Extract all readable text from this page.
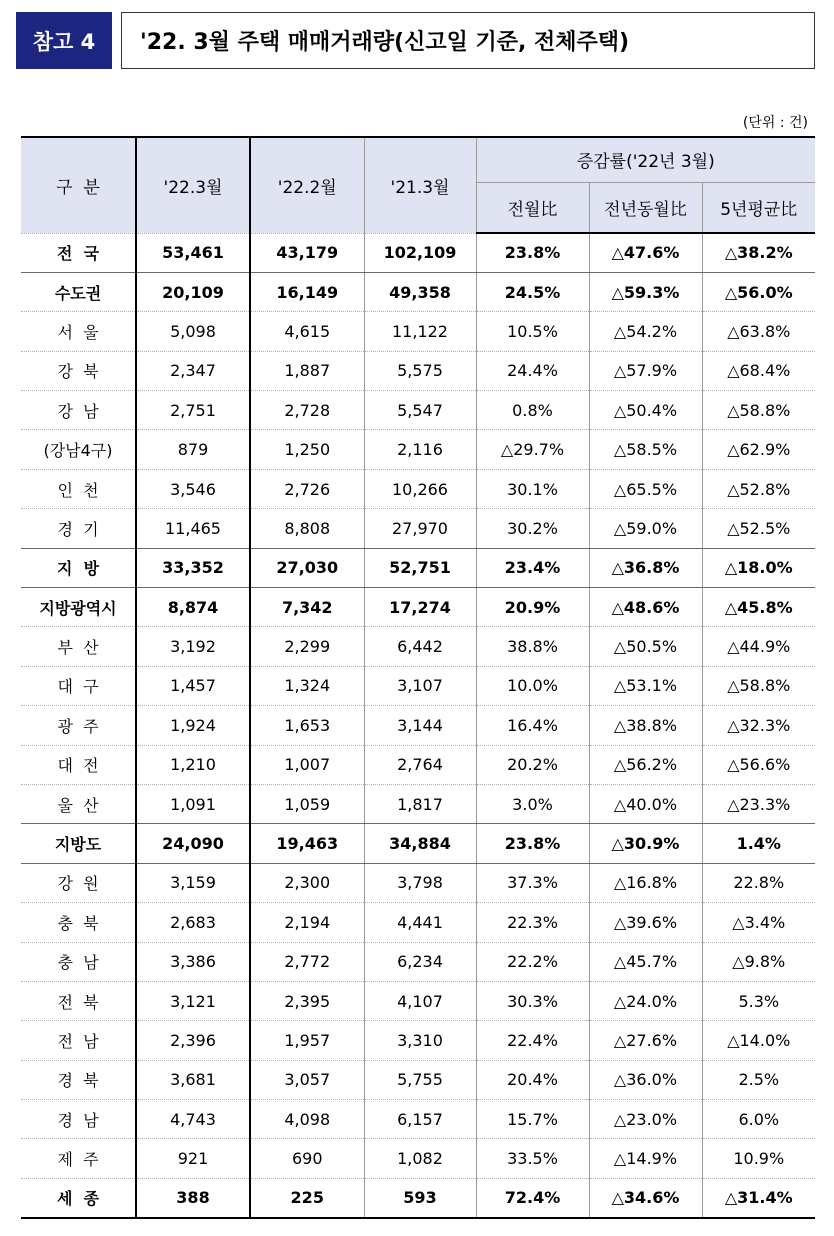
참고 4	'22. 3월 주택 매매거래량(신고일 기준, 전체주택)
(단위 : 건)
구  분	'22.3월	'22.2월	'21.3월	증감률('22년 3월)		
				전월比	전년동월比	5년평균比
전  국	53,461	43,179	102,109	23.8%	△47.6%	△38.2%
수도권	20,109	16,149	49,358	24.5%	△59.3%	△56.0%
서  울	5,098	4,615	11,122	10.5%	△54.2%	△63.8%
강  북	2,347	1,887	5,575	24.4%	△57.9%	△68.4%
강  남	2,751	2,728	5,547	0.8%	△50.4%	△58.8%
(강남4구)	879	1,250	2,116	△29.7%	△58.5%	△62.9%
인  천	3,546	2,726	10,266	30.1%	△65.5%	△52.8%
경  기	11,465	8,808	27,970	30.2%	△59.0%	△52.5%
지  방	33,352	27,030	52,751	23.4%	△36.8%	△18.0%
지방광역시	8,874	7,342	17,274	20.9%	△48.6%	△45.8%
부  산	3,192	2,299	6,442	38.8%	△50.5%	△44.9%
대  구	1,457	1,324	3,107	10.0%	△53.1%	△58.8%
광  주	1,924	1,653	3,144	16.4%	△38.8%	△32.3%
대  전	1,210	1,007	2,764	20.2%	△56.2%	△56.6%
울  산	1,091	1,059	1,817	3.0%	△40.0%	△23.3%
지방도	24,090	19,463	34,884	23.8%	△30.9%	1.4%
강  원	3,159	2,300	3,798	37.3%	△16.8%	22.8%
충  북	2,683	2,194	4,441	22.3%	△39.6%	△3.4%
충  남	3,386	2,772	6,234	22.2%	△45.7%	△9.8%
전  북	3,121	2,395	4,107	30.3%	△24.0%	5.3%
전  남	2,396	1,957	3,310	22.4%	△27.6%	△14.0%
경  북	3,681	3,057	5,755	20.4%	△36.0%	2.5%
경  남	4,743	4,098	6,157	15.7%	△23.0%	6.0%
제  주	921	690	1,082	33.5%	△14.9%	10.9%
세  종	388	225	593	72.4%	△34.6%	△31.4%
